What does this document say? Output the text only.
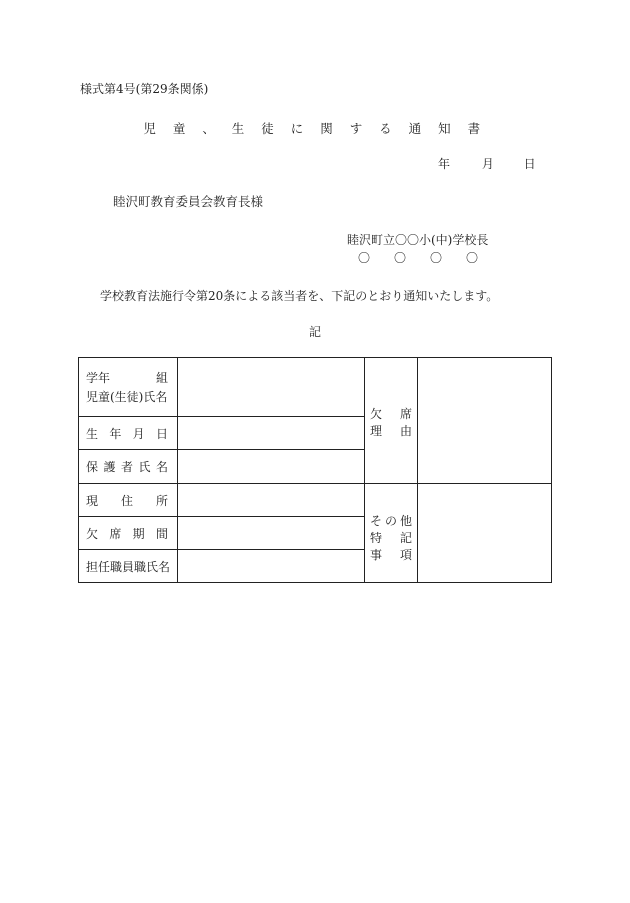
様式第4号(第29条関係)
児 童 、 生 徒 に 関 す る 通 知 書
年	月 日
睦沢町教育委員会教育長様
睦沢町立〇〇小(中)学校長
〇 〇 〇 〇
学校教育法施行令第20条による該当者を、下記のとおり通知いたします。
記
学年	組
児童(生徒)氏名
生 年 月 日
保 護 者 氏 名
現 住 所
欠 席 期 間
担任職員職氏名
欠 席
理 由
そ の 他
特 記
事 項
